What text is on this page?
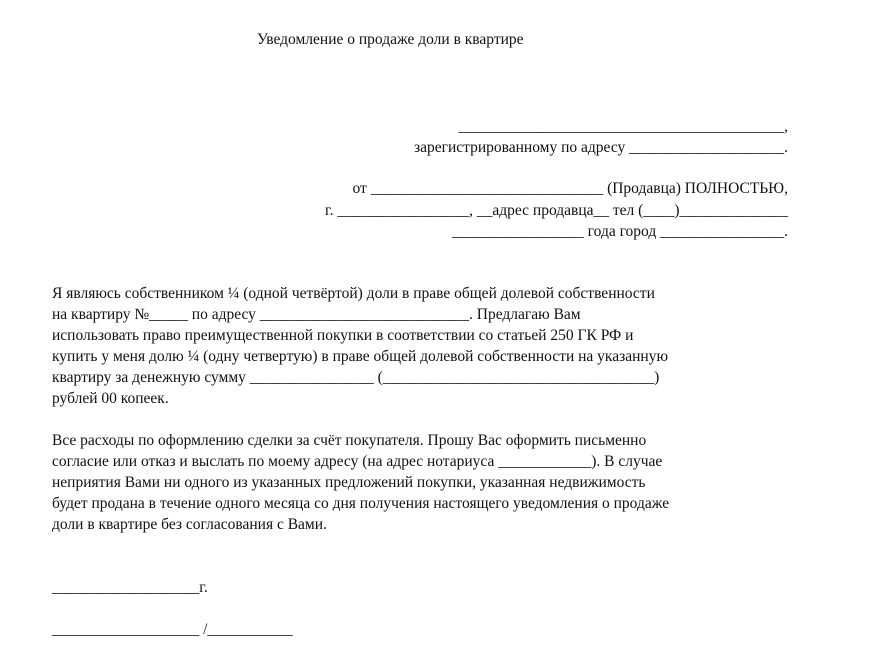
Уведомление о продаже доли в квартире
__________________________________________,
зарегистрированному по адресу ____________________.
от ______________________________ (Продавца) ПОЛНОСТЬЮ,
г. _________________, __адрес продавца__ тел (____)______________
_________________ года город ________________.
Я являюсь собственником ¼ (одной четвёртой) доли в праве общей долевой собственности
на квартиру №_____ по адресу ___________________________. Предлагаю Вам
использовать право преимущественной покупки в соответствии со статьей 250 ГК РФ и
купить у меня долю ¼ (одну четвертую) в праве общей долевой собственности на указанную
квартиру за денежную сумму ________________ (___________________________________)
рублей 00 копеек.
Все расходы по оформлению сделки за счёт покупателя. Прошу Вас оформить письменно
согласие или отказ и выслать по моему адресу (на адрес нотариуса ____________). В случае
неприятия Вами ни одного из указанных предложений покупки, указанная недвижимость
будет продана в течение одного месяца со дня получения настоящего уведомления о продаже
доли в квартире без согласования с Вами.
___________________г.
___________________ /___________
